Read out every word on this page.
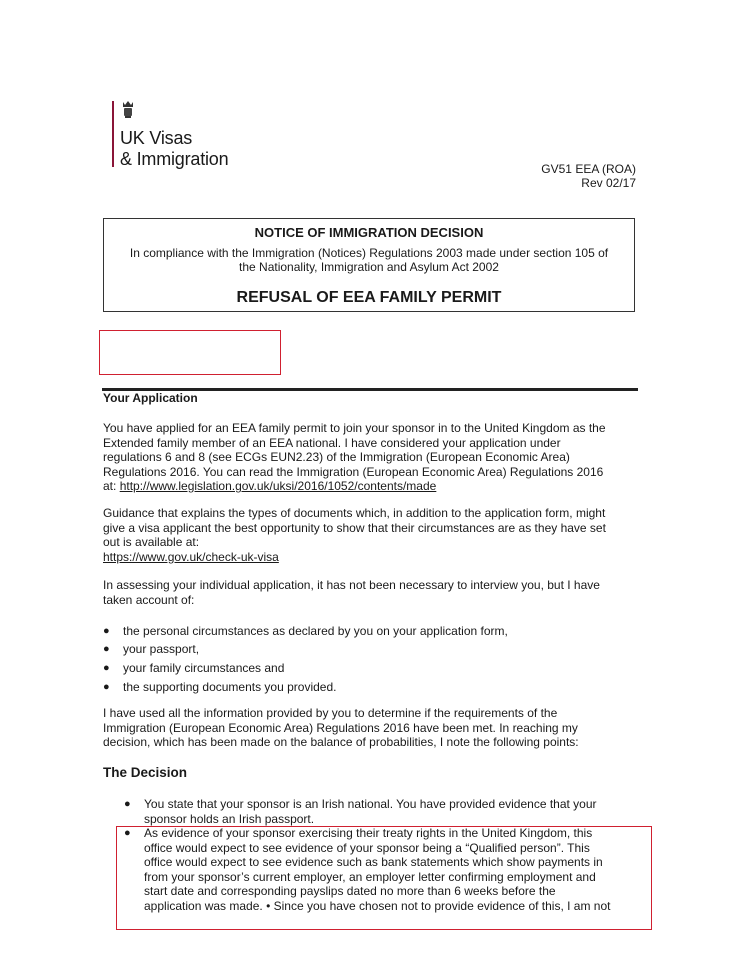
UK Visas
& Immigration	GV51 EEA (ROA)
Rev 02/17
NOTICE OF IMMIGRATION DECISION
In compliance with the Immigration (Notices) Regulations 2003 made under section 105 of
the Nationality, Immigration and Asylum Act 2002
REFUSAL OF EEA FAMILY PERMIT
Your Application
You have applied for an EEA family permit to join your sponsor in to the United Kingdom as the
Extended family member of an EEA national. I have considered your application under
regulations 6 and 8 (see ECGs EUN2.23) of the Immigration (European Economic Area)
Regulations 2016. You can read the Immigration (European Economic Area) Regulations 2016
at: http://www.legislation.gov.uk/uksi/2016/1052/contents/made
Guidance that explains the types of documents which, in addition to the application form, might
give a visa applicant the best opportunity to show that their circumstances are as they have set
out is available at:
https://www.gov.uk/check-uk-visa
In assessing your individual application, it has not been necessary to interview you, but I have
taken account of:
● the personal circumstances as declared by you on your application form,
● your passport,
● your family circumstances and
● the supporting documents you provided.
I have used all the information provided by you to determine if the requirements of the
Immigration (European Economic Area) Regulations 2016 have been met. In reaching my
decision, which has been made on the balance of probabilities, I note the following points:
The Decision
● You state that your sponsor is an Irish national. You have provided evidence that your
sponsor holds an Irish passport.
● As evidence of your sponsor exercising their treaty rights in the United Kingdom, this
office would expect to see evidence of your sponsor being a “Qualified person”. This
office would expect to see evidence such as bank statements which show payments in
from your sponsor’s current employer, an employer letter confirming employment and
start date and corresponding payslips dated no more than 6 weeks before the
application was made. • Since you have chosen not to provide evidence of this, I am not
